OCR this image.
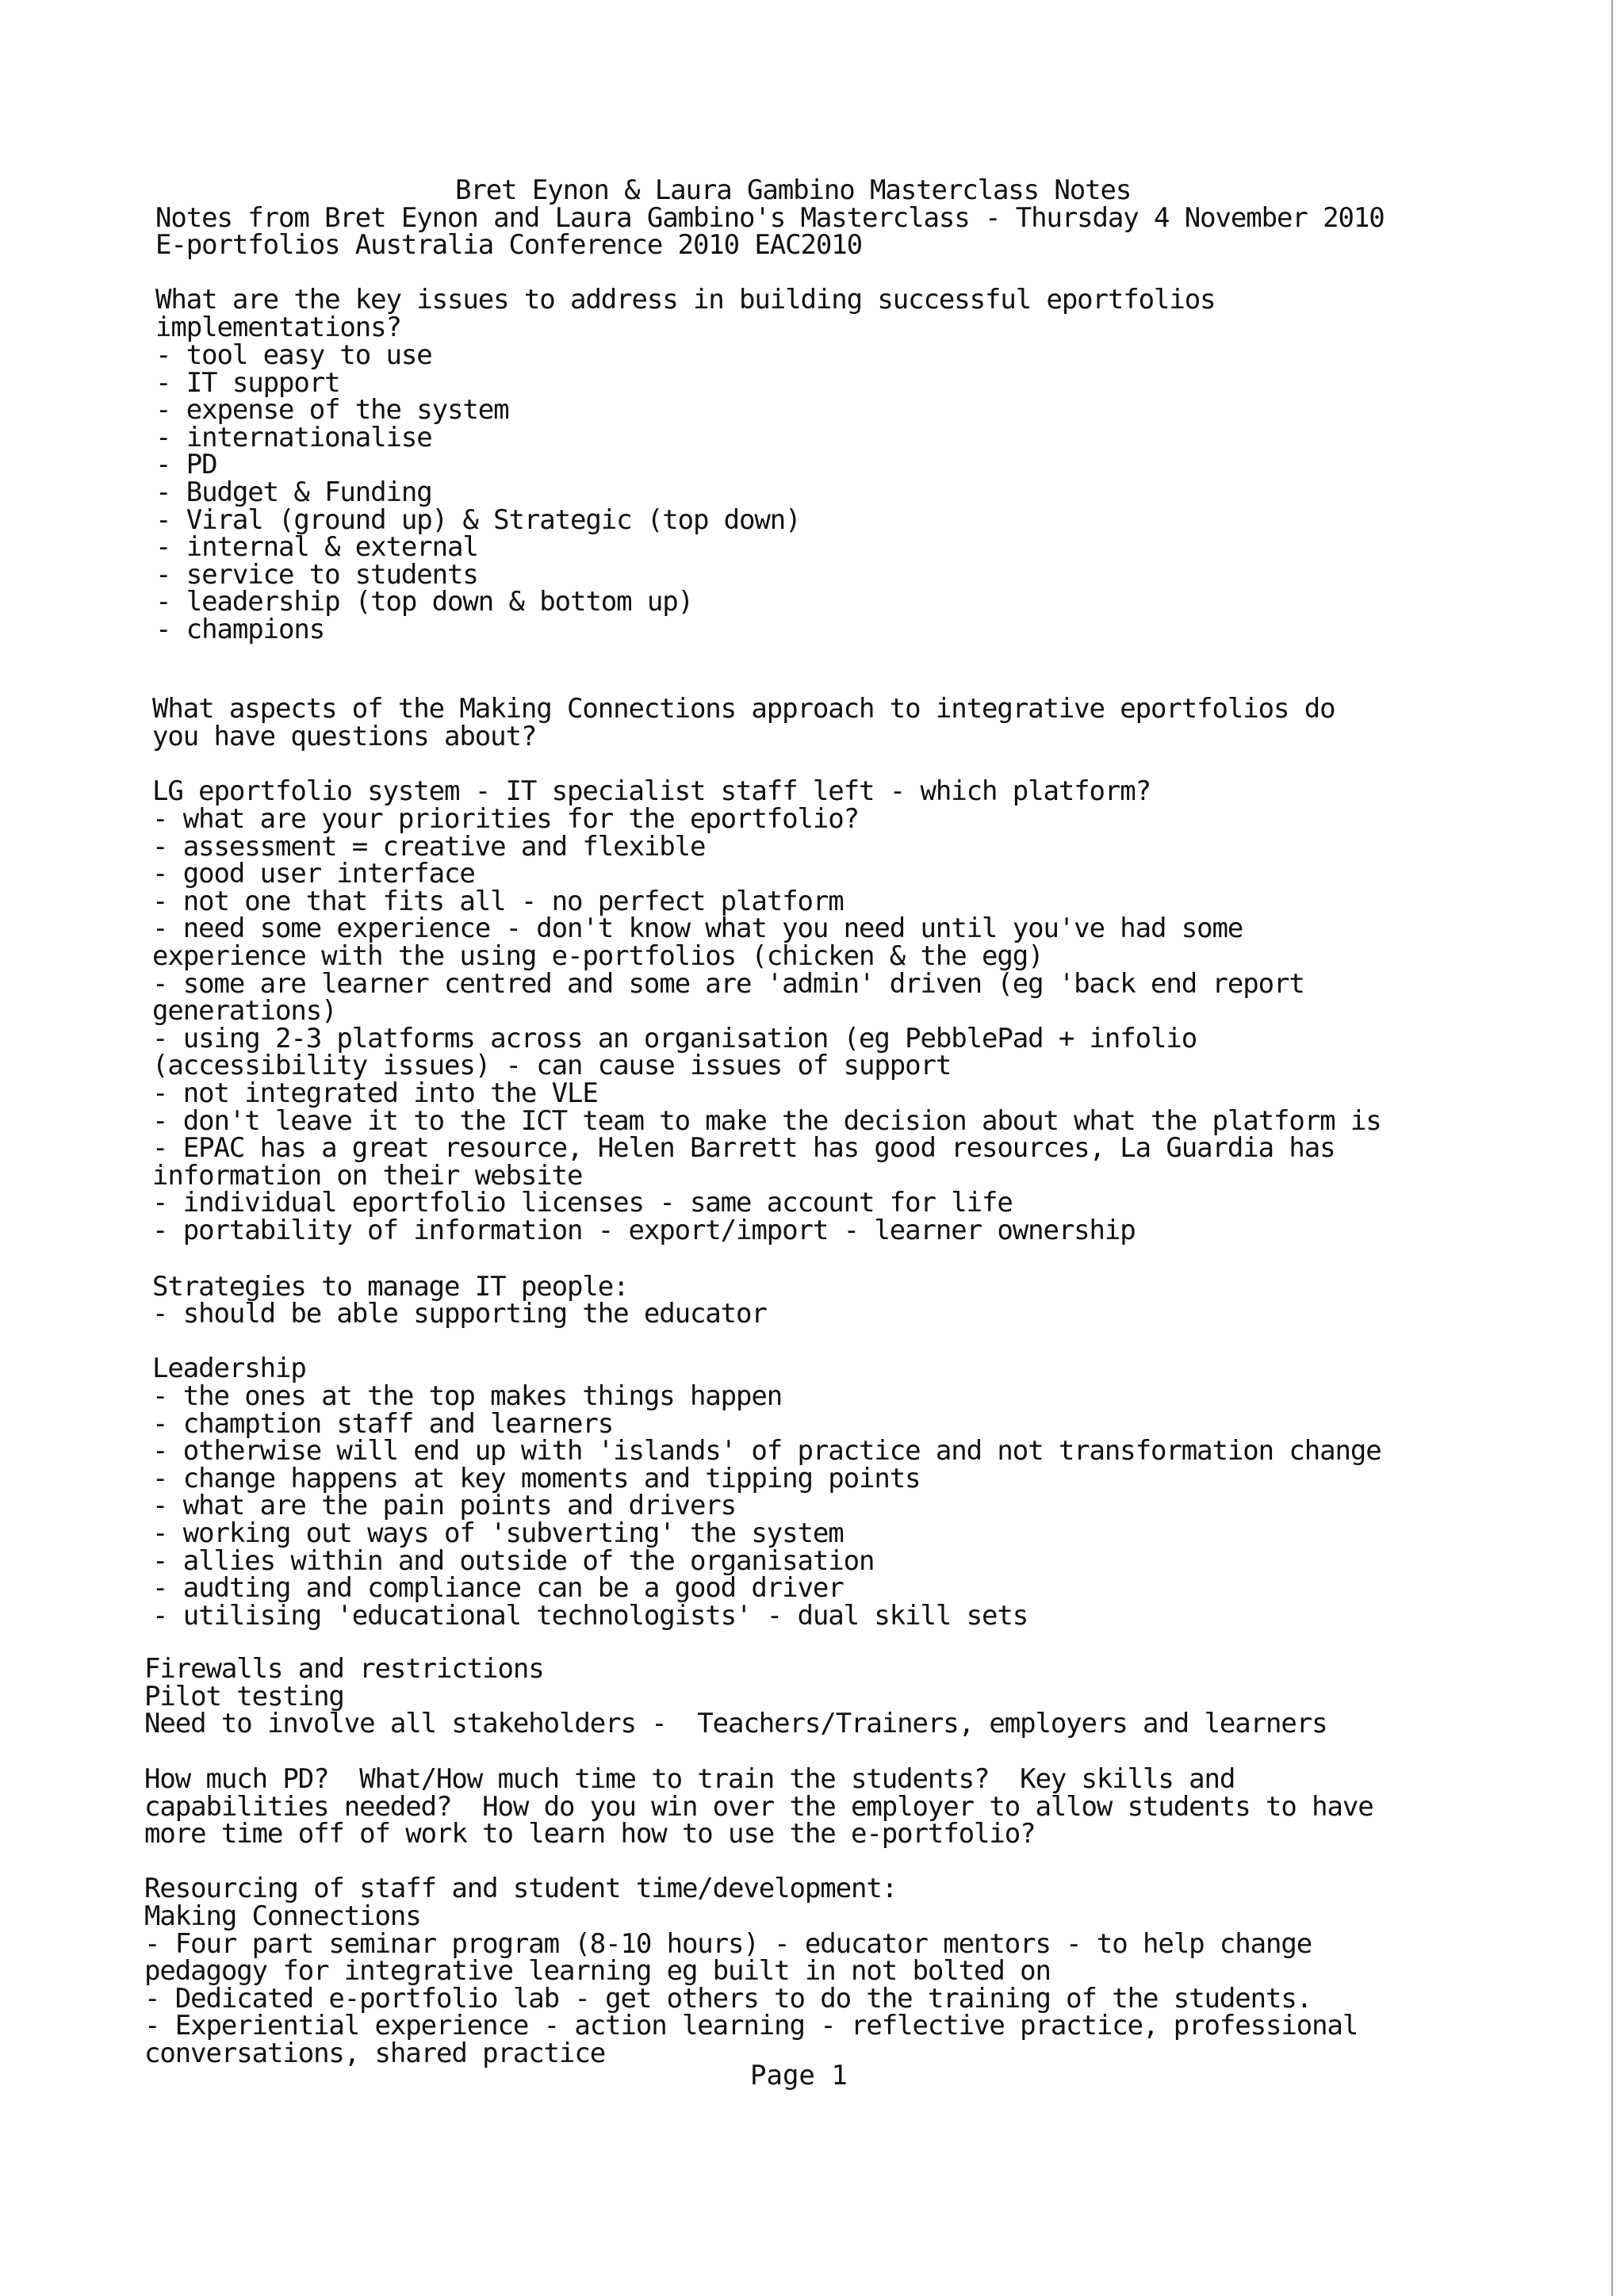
Bret Eynon & Laura Gambino Masterclass Notes
Notes from Bret Eynon and Laura Gambino's Masterclass - Thursday 4 November 2010
E-portfolios Australia Conference 2010 EAC2010
What are the key issues to address in building successful eportfolios
implementations?
- tool easy to use
- IT support
- expense of the system
- internationalise
- PD
- Budget & Funding
- Viral (ground up) & Strategic (top down)
- internal & external
- service to students
- leadership (top down & bottom up)
- champions
What aspects of the Making Connections approach to integrative eportfolios do
you have questions about?
LG eportfolio system - IT specialist staff left - which platform?
- what are your priorities for the eportfolio?
- assessment = creative and flexible
- good user interface
- not one that fits all - no perfect platform
- need some experience - don't know what you need until you've had some
experience with the using e-portfolios (chicken & the egg)
- some are learner centred and some are 'admin' driven (eg 'back end report
generations)
- using 2-3 platforms across an organisation (eg PebblePad + infolio
(accessibility issues) - can cause issues of support
- not integrated into the VLE
- don't leave it to the ICT team to make the decision about what the platform is
- EPAC has a great resource, Helen Barrett has good resources, La Guardia has
information on their website
- individual eportfolio licenses - same account for life
- portability of information - export/import - learner ownership
Strategies to manage IT people:
- should be able supporting the educator
Leadership
- the ones at the top makes things happen
- chamption staff and learners
- otherwise will end up with 'islands' of practice and not transformation change
- change happens at key moments and tipping points
- what are the pain points and drivers
- working out ways of 'subverting' the system
- allies within and outside of the organisation
- audting and compliance can be a good driver
- utilising 'educational technologists' - dual skill sets
Firewalls and restrictions
Pilot testing
Need to involve all stakeholders -  Teachers/Trainers, employers and learners
How much PD?  What/How much time to train the students?  Key skills and
capabilities needed?  How do you win over the employer to allow students to have
more time off of work to learn how to use the e-portfolio?
Resourcing of staff and student time/development:
Making Connections
- Four part seminar program (8-10 hours) - educator mentors - to help change
pedagogy for integrative learning eg built in not bolted on
- Dedicated e-portfolio lab - get others to do the training of the students.
- Experiential experience - action learning - reflective practice, professional
conversations, shared practice
Page 1
